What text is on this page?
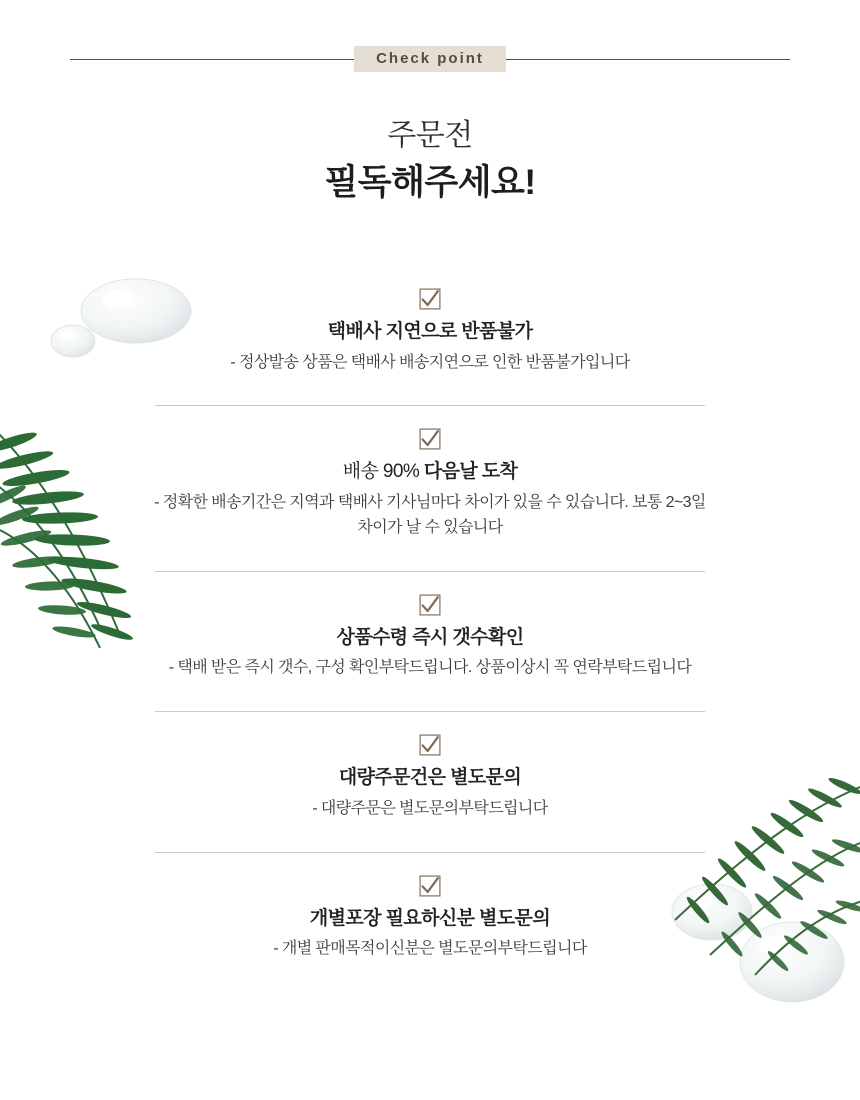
Check point
주문전
필독해주세요!
택배사 지연으로 반품불가
- 정상발송 상품은 택배사 배송지연으로 인한 반품불가입니다
배송 90% 다음날 도착
- 정확한 배송기간은 지역과 택배사 기사님마다 차이가 있을 수 있습니다. 보통 2~3일 차이가 날 수 있습니다
상품수령 즉시 갯수확인
- 택배 받은 즉시 갯수, 구성 확인부탁드립니다. 상품이상시 꼭 연락부탁드립니다
대량주문건은 별도문의
- 대량주문은 별도문의부탁드립니다
개별포장 필요하신분 별도문의
- 개별 판매목적이신분은 별도문의부탁드립니다
